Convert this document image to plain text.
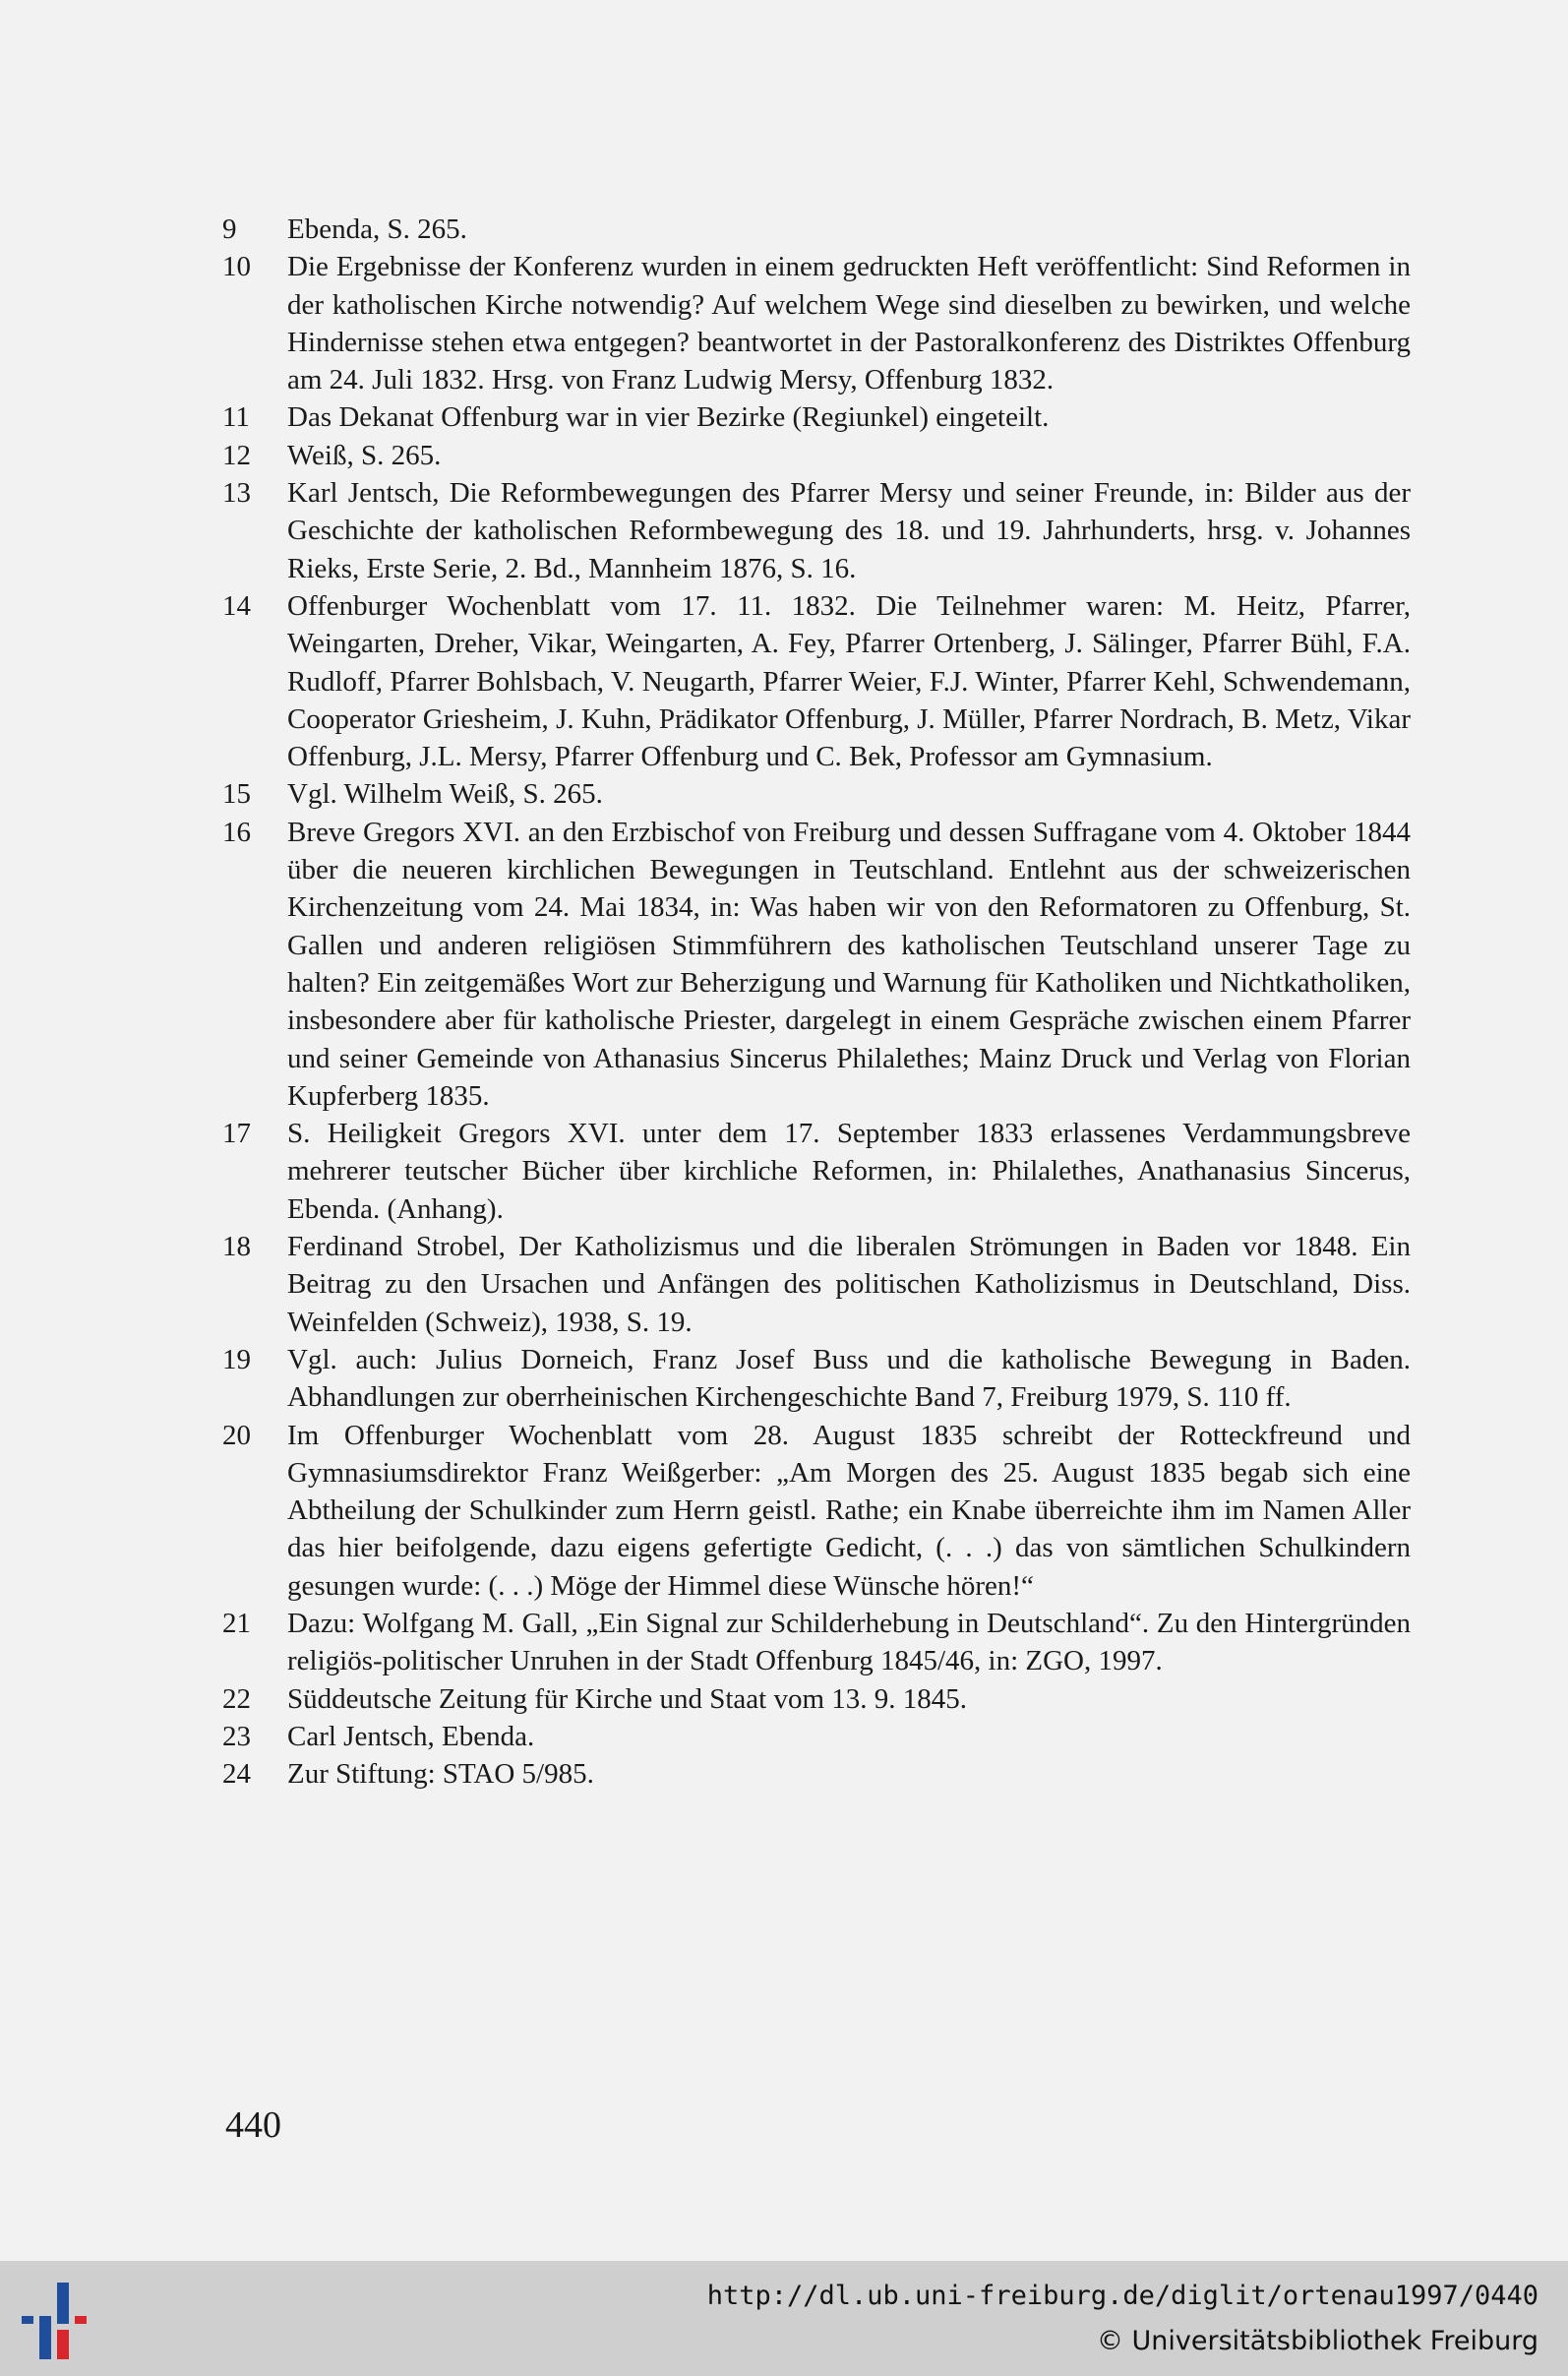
9	Ebenda, S. 265.
10	Die Ergebnisse der Konferenz wurden in einem gedruckten Heft veröffentlicht: Sind Reformen in der katholischen Kirche notwendig? Auf welchem Wege sind dieselben zu bewirken, und welche Hindernisse stehen etwa entgegen? beantwortet in der Pastoralkonferenz des Distriktes Offenburg am 24. Juli 1832. Hrsg. von Franz Ludwig Mersy, Offenburg 1832.
11	Das Dekanat Offenburg war in vier Bezirke (Regiunkel) eingeteilt.
12	Weiß, S. 265.
13	Karl Jentsch, Die Reformbewegungen des Pfarrer Mersy und seiner Freunde, in: Bilder aus der Geschichte der katholischen Reformbewegung des 18. und 19. Jahrhunderts, hrsg. v. Johannes Rieks, Erste Serie, 2. Bd., Mannheim 1876, S. 16.
14	Offenburger Wochenblatt vom 17. 11. 1832. Die Teilnehmer waren: M. Heitz, Pfarrer, Weingarten, Dreher, Vikar, Weingarten, A. Fey, Pfarrer Ortenberg, J. Sälinger, Pfarrer Bühl, F.A. Rudloff, Pfarrer Bohlsbach, V. Neugarth, Pfarrer Weier, F.J. Winter, Pfarrer Kehl, Schwendemann, Cooperator Griesheim, J. Kuhn, Prädikator Offenburg, J. Müller, Pfarrer Nordrach, B. Metz, Vikar Offenburg, J.L. Mersy, Pfarrer Offenburg und C. Bek, Professor am Gymnasium.
15	Vgl. Wilhelm Weiß, S. 265.
16	Breve Gregors XVI. an den Erzbischof von Freiburg und dessen Suffragane vom 4. Oktober 1844 über die neueren kirchlichen Bewegungen in Teutschland. Entlehnt aus der schweizerischen Kirchenzeitung vom 24. Mai 1834, in: Was haben wir von den Reformatoren zu Offenburg, St. Gallen und anderen religiösen Stimmführern des katholischen Teutschland unserer Tage zu halten? Ein zeitgemäßes Wort zur Beherzigung und Warnung für Katholiken und Nichtkatholiken, insbesondere aber für katholische Priester, dargelegt in einem Gespräche zwischen einem Pfarrer und seiner Gemeinde von Athanasius Sincerus Philalethes; Mainz Druck und Verlag von Florian Kupferberg 1835.
17	S. Heiligkeit Gregors XVI. unter dem 17. September 1833 erlassenes Verdammungsbreve mehrerer teutscher Bücher über kirchliche Reformen, in: Philalethes, Anathanasius Sincerus, Ebenda. (Anhang).
18	Ferdinand Strobel, Der Katholizismus und die liberalen Strömungen in Baden vor 1848. Ein Beitrag zu den Ursachen und Anfängen des politischen Katholizismus in Deutschland, Diss. Weinfelden (Schweiz), 1938, S. 19.
19	Vgl. auch: Julius Dorneich, Franz Josef Buss und die katholische Bewegung in Baden. Abhandlungen zur oberrheinischen Kirchengeschichte Band 7, Freiburg 1979, S. 110 ff.
20	Im Offenburger Wochenblatt vom 28. August 1835 schreibt der Rotteckfreund und Gymnasiumsdirektor Franz Weißgerber: „Am Morgen des 25. August 1835 begab sich eine Abtheilung der Schulkinder zum Herrn geistl. Rathe; ein Knabe überreichte ihm im Namen Aller das hier beifolgende, dazu eigens gefertigte Gedicht, (. . .) das von sämtlichen Schulkindern gesungen wurde: (. . .) Möge der Himmel diese Wünsche hören!“
21	Dazu: Wolfgang M. Gall, „Ein Signal zur Schilderhebung in Deutschland“. Zu den Hintergründen religiös-politischer Unruhen in der Stadt Offenburg 1845/46, in: ZGO, 1997.
22	Süddeutsche Zeitung für Kirche und Staat vom 13. 9. 1845.
23	Carl Jentsch, Ebenda.
24	Zur Stiftung: STAO 5/985.
440
http://dl.ub.uni-freiburg.de/diglit/ortenau1997/0440
© Universitätsbibliothek Freiburg
